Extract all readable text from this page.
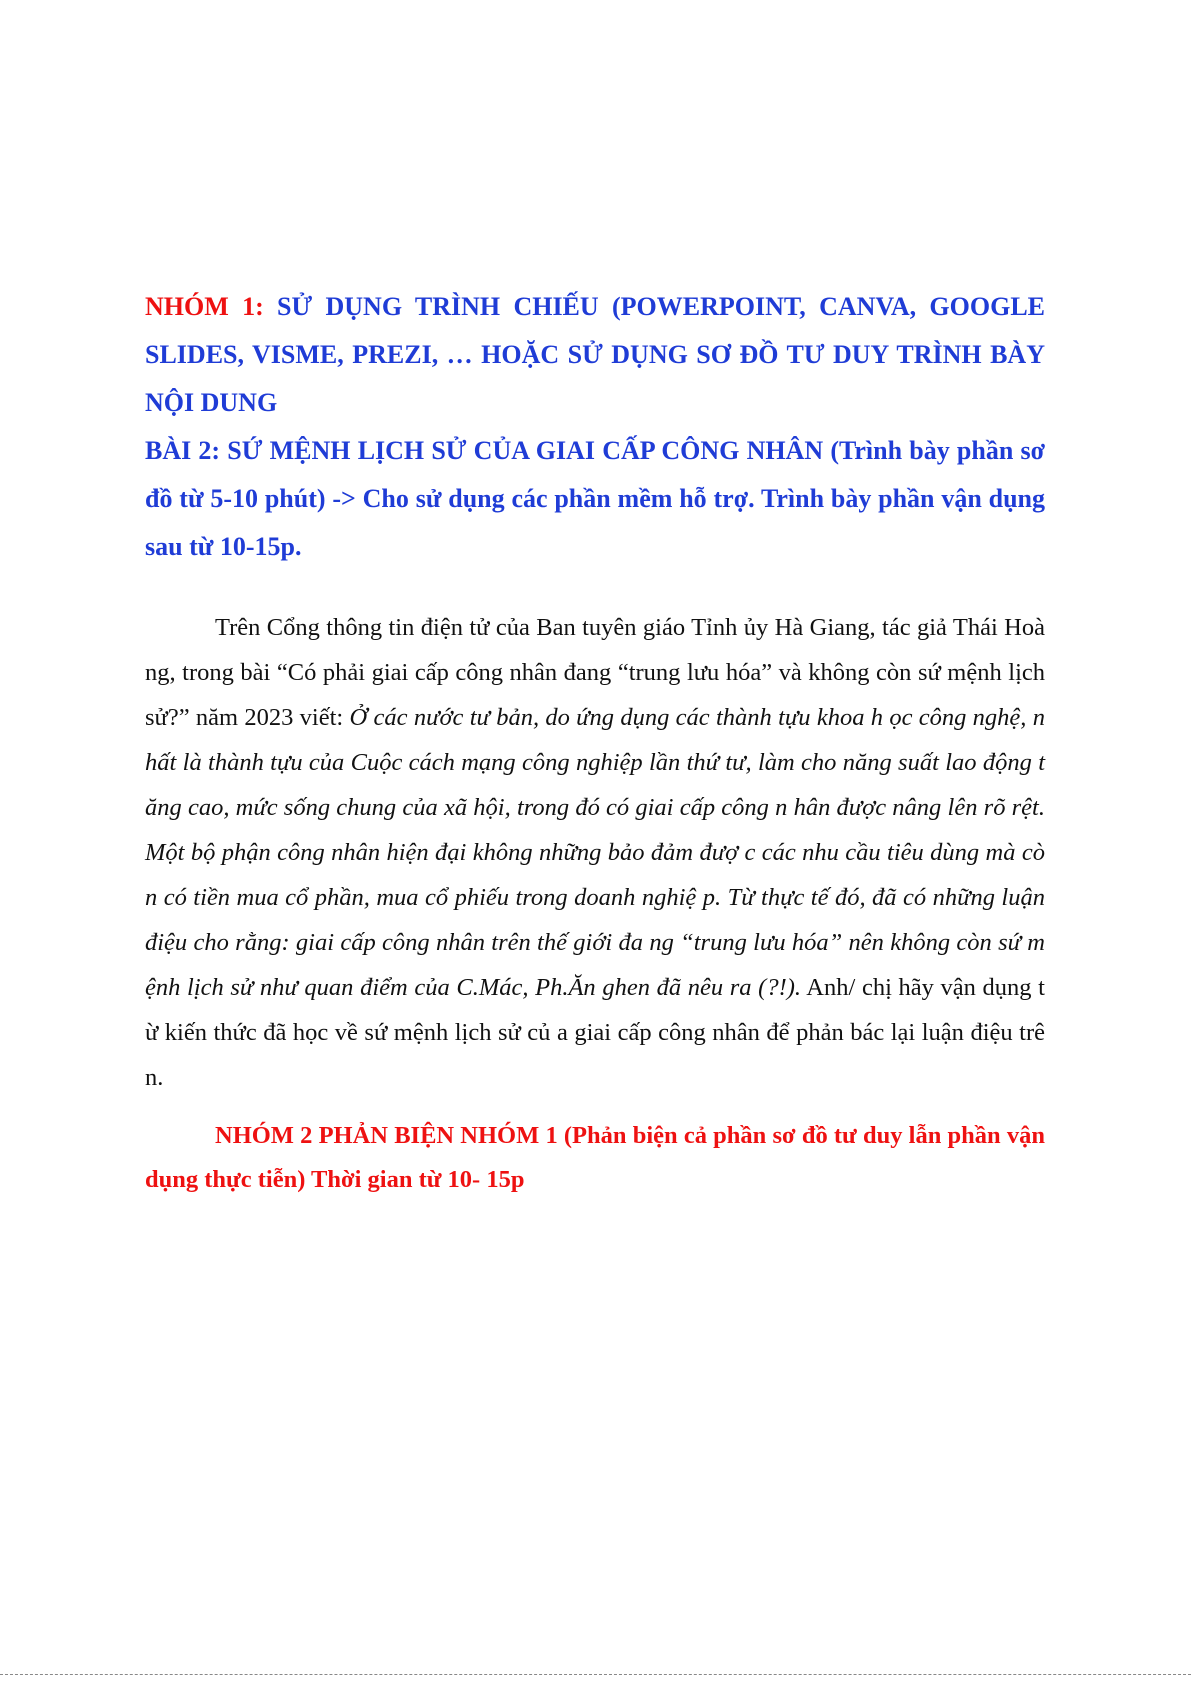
NHÓM 1: SỬ DỤNG TRÌNH CHIẾU (POWERPOINT, CANVA, GOOGLE SLIDES, VISME, PREZI, … HOẶC SỬ DỤNG SƠ ĐỒ TƯ DUY TRÌNH BÀY NỘI DUNG

BÀI 2: SỨ MỆNH LỊCH SỬ CỦA GIAI CẤP CÔNG NHÂN (Trình bày phần sơ đồ từ 5-10 phút) -> Cho sử dụng các phần mềm hỗ trợ. Trình bày phần vận dụng sau từ 10-15p.

Trên Cổng thông tin điện tử của Ban tuyên giáo Tỉnh ủy Hà Giang, tác giả Thái Hoàng, trong bài “Có phải giai cấp công nhân đang “trung lưu hóa” và không còn sứ mệnh lịch sử?” năm 2023 viết: Ở các nước tư bản, do ứng dụng các thành tựu khoa h ọc công nghệ, nhất là thành tựu của Cuộc cách mạng công nghiệp lần thứ tư, làm cho năng suất lao động tăng cao, mức sống chung của xã hội, trong đó có giai cấp công n hân được nâng lên rõ rệt. Một bộ phận công nhân hiện đại không những bảo đảm đượ c các nhu cầu tiêu dùng mà còn có tiền mua cổ phần, mua cổ phiếu trong doanh nghiệ p. Từ thực tế đó, đã có những luận điệu cho rằng: giai cấp công nhân trên thế giới đa ng “trung lưu hóa” nên không còn sứ mệnh lịch sử như quan điểm của C.Mác, Ph.Ăn ghen đã nêu ra (?!). Anh/ chị hãy vận dụng từ kiến thức đã học về sứ mệnh lịch sử củ a giai cấp công nhân để phản bác lại luận điệu trên.

NHÓM 2 PHẢN BIỆN NHÓM 1 (Phản biện cả phần sơ đồ tư duy lẫn phần vận dụng thực tiễn) Thời gian từ 10- 15p
